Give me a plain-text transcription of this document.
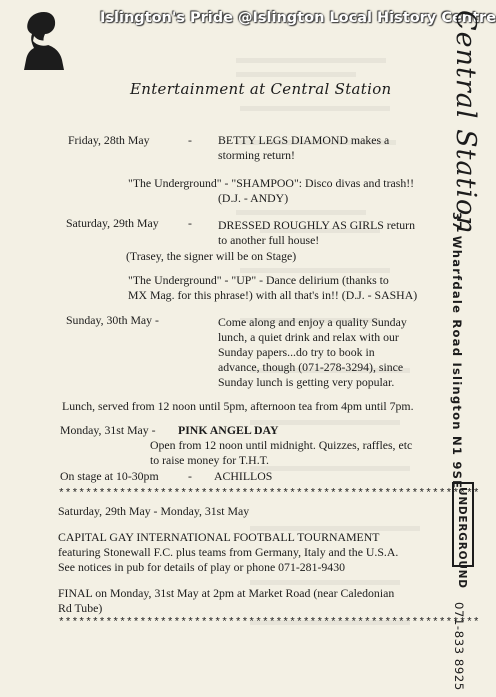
Islington's Pride @Islington Local History Centre
Entertainment at Central Station
Friday, 28th May	- BETTY LEGS DIAMOND makes a
storming return!
"The Underground" - "SHAMPOO": Disco divas and trash!!
(D.J. - ANDY)
Saturday, 29th May - DRESSED ROUGHLY AS GIRLS return
to another full house!
(Trasey, the signer will be on Stage)
"The Underground" - "UP" - Dance delirium (thanks to
MX Mag. for this phrase!) with all that's in!! (D.J. - SASHA)
Sunday, 30th May -	Come along and enjoy a quality Sunday
lunch, a quiet drink and relax with our
Sunday papers...do try to book in
advance, though (071-278-3294), since
Sunday lunch is getting very popular.
Lunch, served from 12 noon until 5pm, afternoon tea from 4pm until 7pm.
Monday, 31st May - PINK ANGEL DAY
Open from 12 noon until midnight. Quizzes, raffles, etc
to raise money for T.H.T.
On stage at 10-30pm - ACHILLOS
**************************************************************
Saturday, 29th May - Monday, 31st May
CAPITAL GAY INTERNATIONAL FOOTBALL TOURNAMENT
featuring Stonewall F.C. plus teams from Germany, Italy and the U.S.A.
See notices in pub for details of play or phone 071-281-9430
FINAL on Monday, 31st May at 2pm at Market Road (near Caledonian
Rd Tube)
**************************************************************
Central Station
37 Wharfdale Road Islington N1 9SE
UNDERGROUND
071-833 8925
